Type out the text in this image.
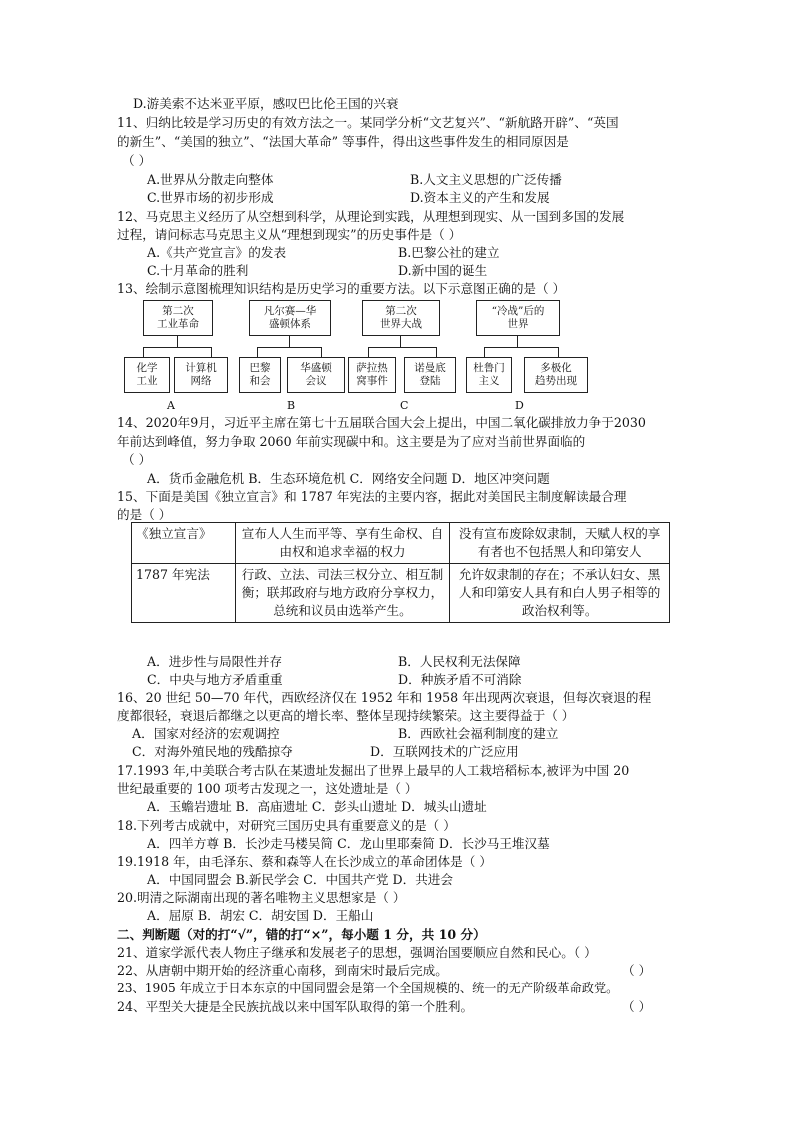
D.游美索不达米亚平原，感叹巴比伦王国的兴衰
11、归纳比较是学习历史的有效方法之一。某同学分析“文艺复兴”、“新航路开辟”、“英国
的新生”、“美国的独立”、“法国大革命” 等事件，得出这些事件发生的相同原因是
（ ）
A.世界从分散走向整体	B.人文主义思想的广泛传播
C.世界市场的初步形成	D.资本主义的产生和发展
12、马克思主义经历了从空想到科学，从理论到实践，从理想到现实、从一国到多国的发展
过程，请问标志马克思主义从“理想到现实”的历史事件是（ ）
A.《共产党宣言》的发表	B.巴黎公社的建立
C.十月革命的胜利	D.新中国的诞生
13、绘制示意图梳理知识结构是历史学习的重要方法。以下示意图正确的是（ ）
第二次
工业革命
化学
工业
计算机
网络
A
凡尔赛—华
盛顿体系
巴黎
和会
华盛顿
会议
B
第二次
世界大战
萨拉热
窝事件
诺曼底
登陆
C
“冷战”后的
世界
杜鲁门
主义
多极化
趋势出现
D
14、2020年9月，习近平主席在第七十五届联合国大会上提出，中国二氧化碳排放力争于2030
年前达到峰值，努力争取 2060 年前实现碳中和。这主要是为了应对当前世界面临的
（ ）
A．货币金融危机 B．生态环境危机 C．网络安全问题 D．地区冲突问题
15、下面是美国《独立宣言》和 1787 年宪法的主要内容，据此对美国民主制度解读最合理
的是（ ）
《独立宣言》	宣布人人生而平等、享有生命权、自由权和追求幸福的权力	没有宣布废除奴隶制，天赋人权的享有者也不包括黑人和印第安人
1787 年宪法	行政、立法、司法三权分立、相互制衡；联邦政府与地方政府分享权力，总统和议员由选举产生。	允许奴隶制的存在；不承认妇女、黑人和印第安人具有和白人男子相等的政治权利等。
A．进步性与局限性并存	B．人民权利无法保障
C．中央与地方矛盾重重	D．种族矛盾不可消除
16、20 世纪 50—70 年代，西欧经济仅在 1952 年和 1958 年出现两次衰退，但每次衰退的程
度都很轻，衰退后都继之以更高的增长率、整体呈现持续繁荣。这主要得益于（ ）
A．国家对经济的宏观调控	B．西欧社会福利制度的建立
C．对海外殖民地的残酷掠夺	D．互联网技术的广泛应用
17.1993 年,中美联合考古队在某遗址发掘出了世界上最早的人工栽培稻标本,被评为中国 20
世纪最重要的 100 项考古发现之一，这处遗址是（ ）
A．玉蟾岩遗址 B．高庙遗址 C．彭头山遗址 D．城头山遗址
18.下列考古成就中，对研究三国历史具有重要意义的是（ ）
A．四羊方尊 B．长沙走马楼吴简 C．龙山里耶秦简 D．长沙马王堆汉墓
19.1918 年，由毛泽东、蔡和森等人在长沙成立的革命团体是（ ）
A．中国同盟会 B.新民学会 C．中国共产党 D．共进会
20.明清之际湖南出现的著名唯物主义思想家是（ ）
A．屈原 B．胡宏 C．胡安国 D．王船山
二、判断题（对的打“√”，错的打“×”，每小题 1 分，共 10 分）
21、道家学派代表人物庄子继承和发展老子的思想，强调治国要顺应自然和民心。（ ）
22、从唐朝中期开始的经济重心南移，到南宋时最后完成。	（ ）
23、1905 年成立于日本东京的中国同盟会是第一个全国规模的、统一的无产阶级革命政党。
24、平型关大捷是全民族抗战以来中国军队取得的第一个胜利。	（ ）
